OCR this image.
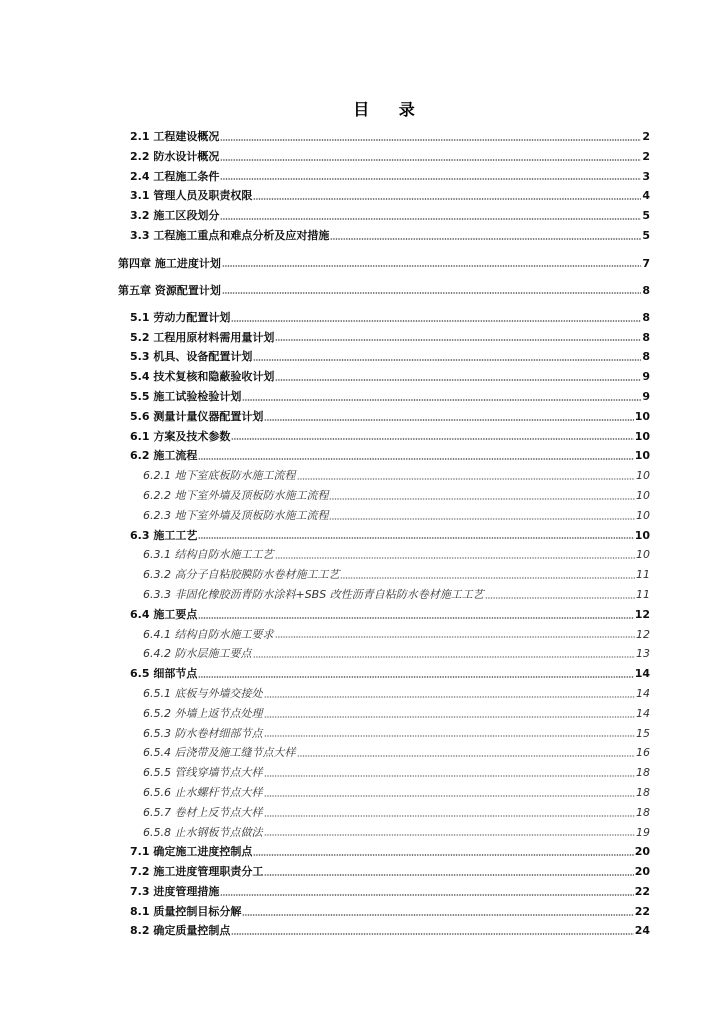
目 录
2.1 工程建设概况	2
2.2 防水设计概况	2
2.4 工程施工条件	3
3.1 管理人员及职责权限	4
3.2 施工区段划分	5
3.3 工程施工重点和难点分析及应对措施	5
第四章 施工进度计划	7
第五章 资源配置计划	8
5.1 劳动力配置计划	8
5.2 工程用原材料需用量计划	8
5.3 机具、设备配置计划	8
5.4 技术复核和隐蔽验收计划	9
5.5 施工试验检验计划	9
5.6 测量计量仪器配置计划	10
6.1 方案及技术参数	10
6.2 施工流程	10
6.2.1 地下室底板防水施工流程	10
6.2.2 地下室外墙及顶板防水施工流程	10
6.2.3 地下室外墙及顶板防水施工流程	10
6.3 施工工艺	10
6.3.1 结构自防水施工工艺	10
6.3.2 高分子自粘胶膜防水卷材施工工艺	11
6.3.3 非固化橡胶沥青防水涂料+SBS 改性沥青自粘防水卷材施工工艺	11
6.4 施工要点	12
6.4.1 结构自防水施工要求	12
6.4.2 防水层施工要点	13
6.5 细部节点	14
6.5.1 底板与外墙交接处	14
6.5.2 外墙上返节点处理	14
6.5.3 防水卷材细部节点	15
6.5.4 后浇带及施工缝节点大样	16
6.5.5 管线穿墙节点大样	18
6.5.6 止水螺杆节点大样	18
6.5.7 卷材上反节点大样	18
6.5.8 止水钢板节点做法	19
7.1 确定施工进度控制点	20
7.2 施工进度管理职责分工	20
7.3 进度管理措施	22
8.1 质量控制目标分解	22
8.2 确定质量控制点	24
